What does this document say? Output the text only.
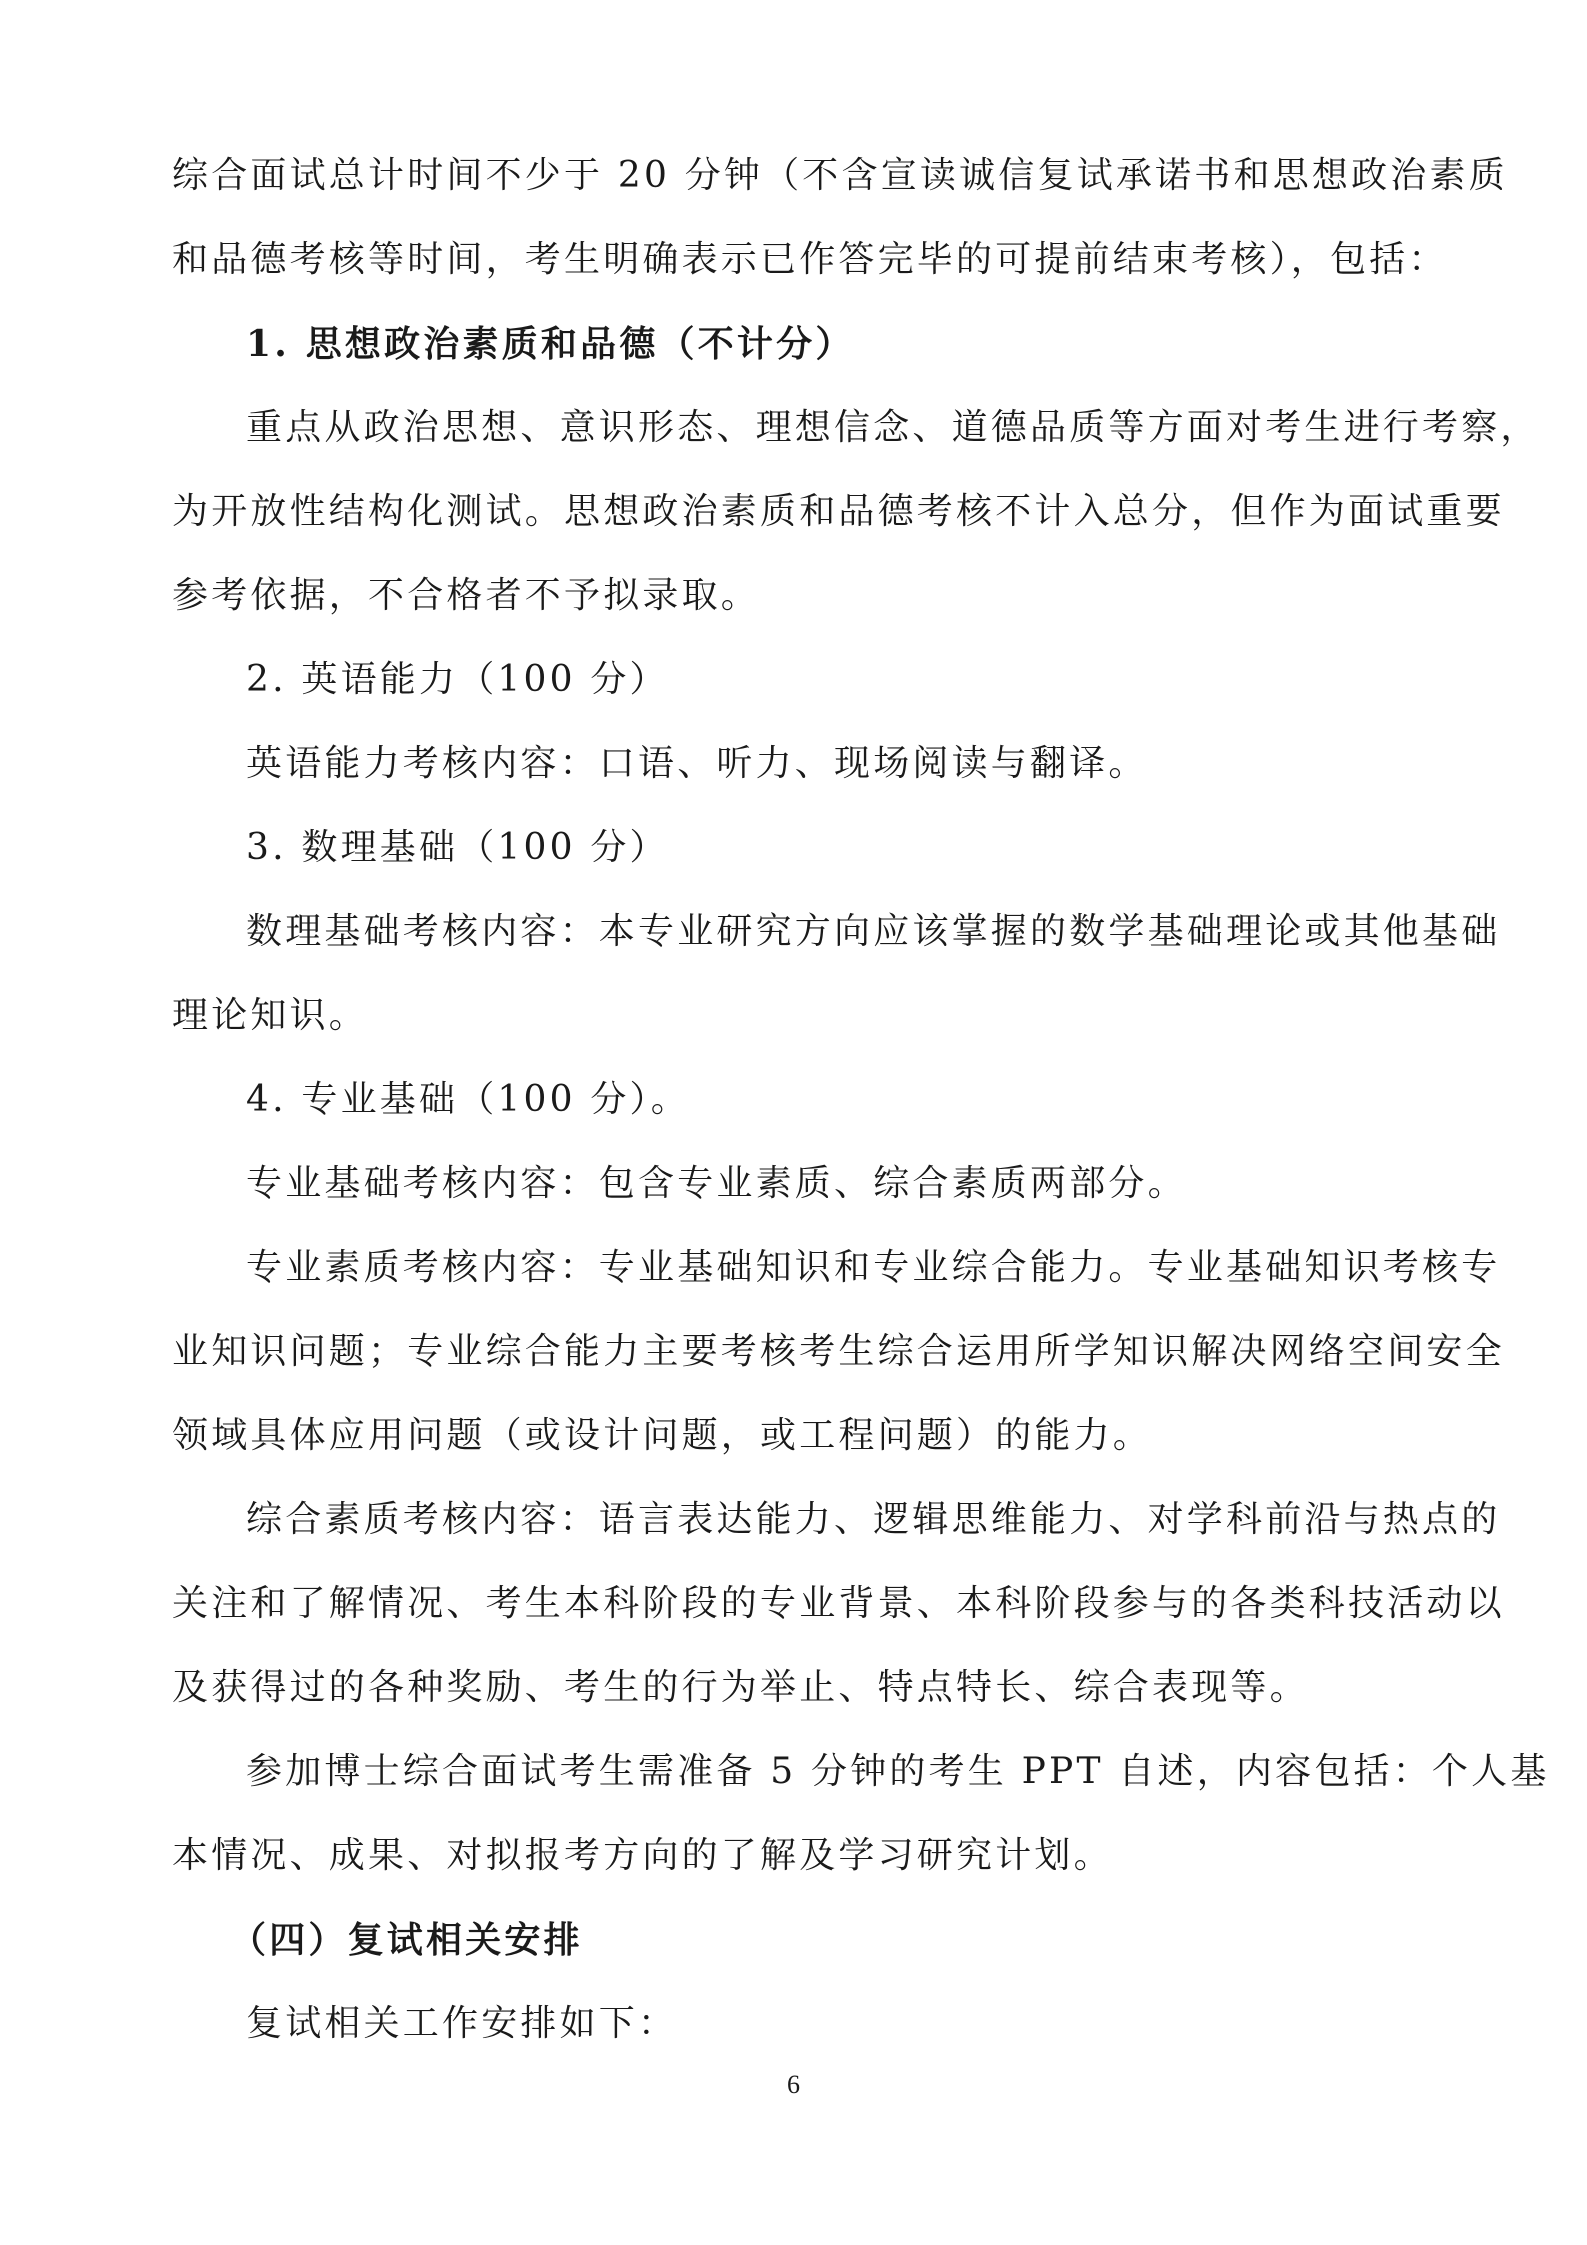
综合面试总计时间不少于 20 分钟（不含宣读诚信复试承诺书和思想政治素质
和品德考核等时间，考生明确表示已作答完毕的可提前结束考核），包括：
1. 思想政治素质和品德（不计分）
重点从政治思想、意识形态、理想信念、道德品质等方面对考生进行考察，
为开放性结构化测试。思想政治素质和品德考核不计入总分，但作为面试重要
参考依据，不合格者不予拟录取。
2. 英语能力（100 分）
英语能力考核内容：口语、听力、现场阅读与翻译。
3. 数理基础（100 分）
数理基础考核内容：本专业研究方向应该掌握的数学基础理论或其他基础
理论知识。
4. 专业基础（100 分）。
专业基础考核内容：包含专业素质、综合素质两部分。
专业素质考核内容：专业基础知识和专业综合能力。专业基础知识考核专
业知识问题；专业综合能力主要考核考生综合运用所学知识解决网络空间安全
领域具体应用问题（或设计问题，或工程问题）的能力。
综合素质考核内容：语言表达能力、逻辑思维能力、对学科前沿与热点的
关注和了解情况、考生本科阶段的专业背景、本科阶段参与的各类科技活动以
及获得过的各种奖励、考生的行为举止、特点特长、综合表现等。
参加博士综合面试考生需准备 5 分钟的考生 PPT 自述，内容包括：个人基
本情况、成果、对拟报考方向的了解及学习研究计划。
（四）复试相关安排
复试相关工作安排如下：
6
